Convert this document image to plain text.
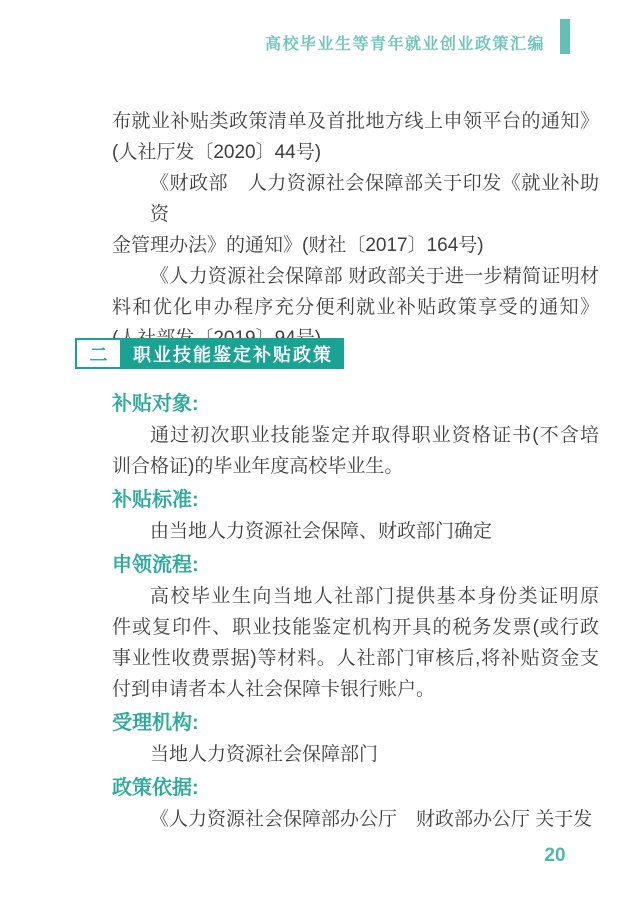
高校毕业生等青年就业创业政策汇编
布就业补贴类政策清单及首批地方线上申领平台的通知》
(人社厅发〔2020〕44号)
《财政部　人力资源社会保障部关于印发《就业补助资
金管理办法》的通知》(财社〔2017〕164号)
《人力资源社会保障部 财政部关于进一步精简证明材
料和优化申办程序充分便利就业补贴政策享受的通知》
二	职业技能鉴定补贴政策
补贴对象:
通过初次职业技能鉴定并取得职业资格证书(不含培
训合格证)的毕业年度高校毕业生。
补贴标准:
由当地人力资源社会保障、财政部门确定
申领流程:
高校毕业生向当地人社部门提供基本身份类证明原
件或复印件、职业技能鉴定机构开具的税务发票(或行政
事业性收费票据)等材料。人社部门审核后,将补贴资金支
付到申请者本人社会保障卡银行账户。
受理机构:
当地人力资源社会保障部门
政策依据:
《人力资源社会保障部办公厅　财政部办公厅 关于发
20
